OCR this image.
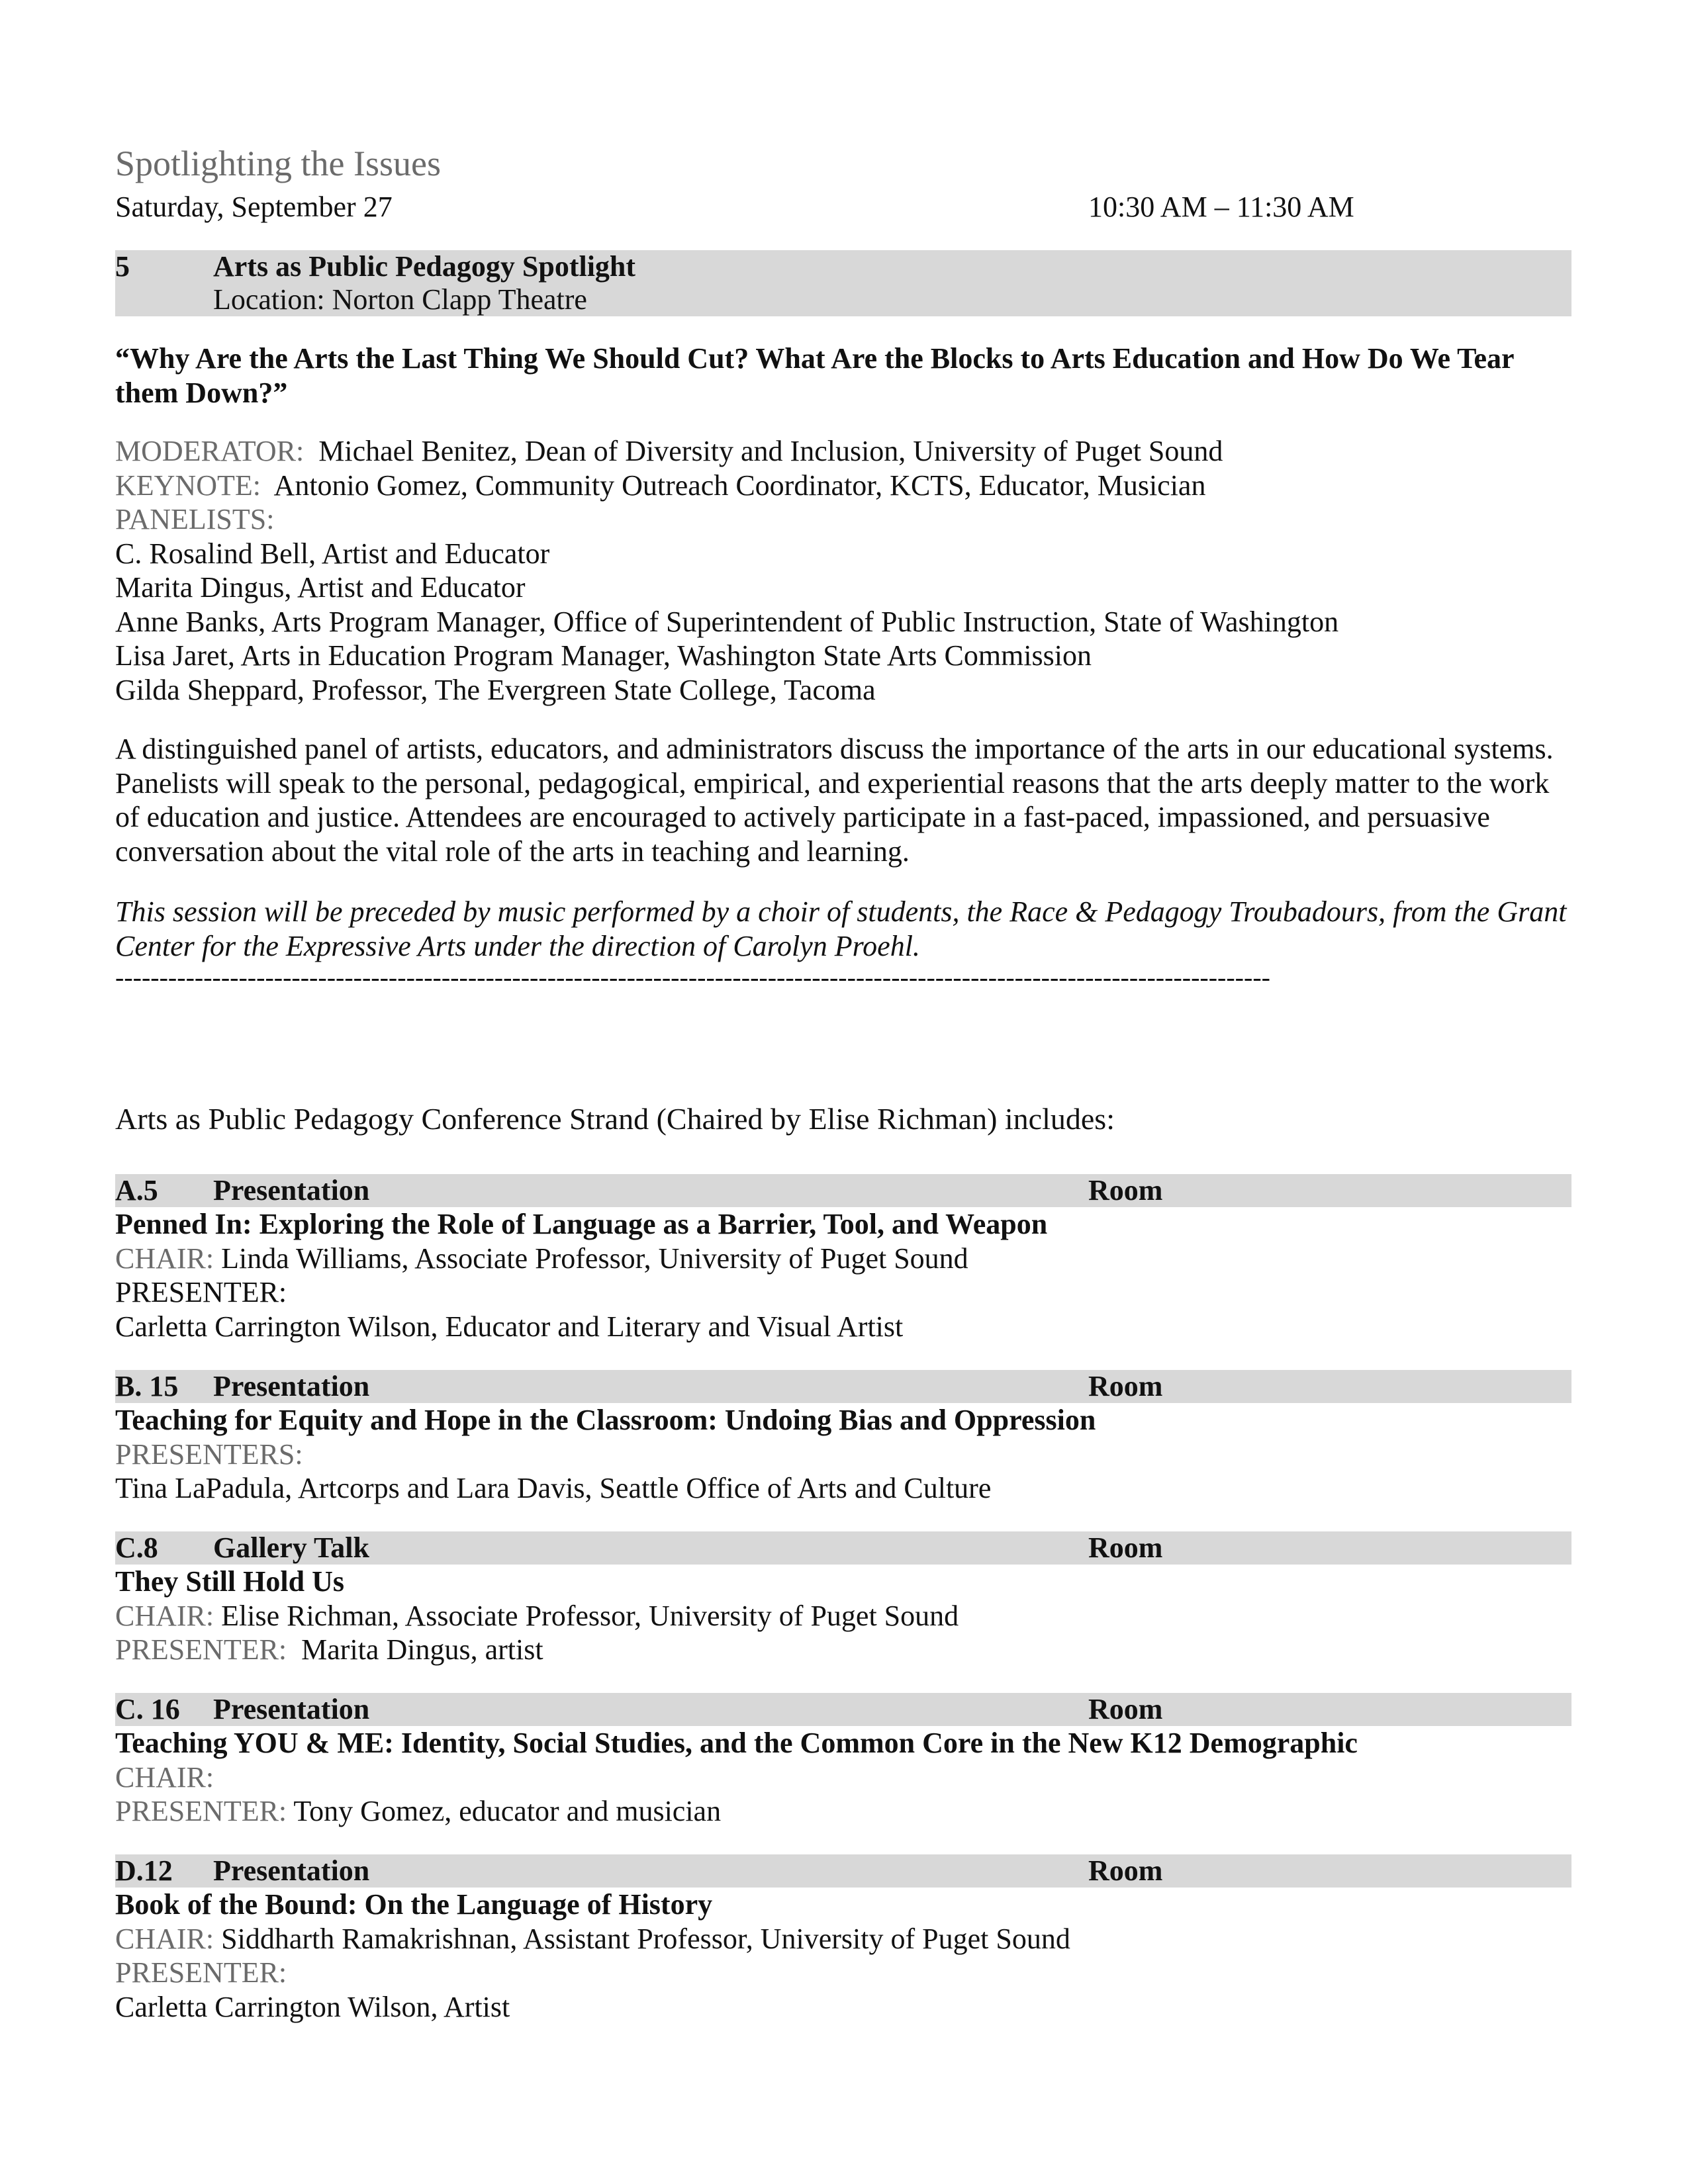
Spotlighting the Issues
Saturday, September 27	10:30 AM – 11:30 AM
5	Arts as Public Pedagogy Spotlight
Location: Norton Clapp Theatre
“Why Are the Arts the Last Thing We Should Cut? What Are the Blocks to Arts Education and How Do We Tear them Down?”
MODERATOR: Michael Benitez, Dean of Diversity and Inclusion, University of Puget Sound
KEYNOTE: Antonio Gomez, Community Outreach Coordinator, KCTS, Educator, Musician
PANELISTS:
C. Rosalind Bell, Artist and Educator
Marita Dingus, Artist and Educator
Anne Banks, Arts Program Manager, Office of Superintendent of Public Instruction, State of Washington
Lisa Jaret, Arts in Education Program Manager, Washington State Arts Commission
Gilda Sheppard, Professor, The Evergreen State College, Tacoma
A distinguished panel of artists, educators, and administrators discuss the importance of the arts in our educational systems. Panelists will speak to the personal, pedagogical, empirical, and experiential reasons that the arts deeply matter to the work of education and justice. Attendees are encouraged to actively participate in a fast-paced, impassioned, and persuasive conversation about the vital role of the arts in teaching and learning.
This session will be preceded by music performed by a choir of students, the Race & Pedagogy Troubadours, from the Grant Center for the Expressive Arts under the direction of Carolyn Proehl.
-----------------------------------------------------------------------------------------------------------------------------------
Arts as Public Pedagogy Conference Strand (Chaired by Elise Richman) includes:
A.5 Presentation	Room
Penned In: Exploring the Role of Language as a Barrier, Tool, and Weapon
CHAIR: Linda Williams, Associate Professor, University of Puget Sound
PRESENTER:
Carletta Carrington Wilson, Educator and Literary and Visual Artist
B. 15 Presentation	Room
Teaching for Equity and Hope in the Classroom: Undoing Bias and Oppression
PRESENTERS:
Tina LaPadula, Artcorps and Lara Davis, Seattle Office of Arts and Culture
C.8 Gallery Talk	Room
They Still Hold Us
CHAIR: Elise Richman, Associate Professor, University of Puget Sound
PRESENTER: Marita Dingus, artist
C. 16 Presentation	Room
Teaching YOU & ME: Identity, Social Studies, and the Common Core in the New K12 Demographic
CHAIR:
PRESENTER: Tony Gomez, educator and musician
D.12 Presentation	Room
Book of the Bound: On the Language of History
CHAIR: Siddharth Ramakrishnan, Assistant Professor, University of Puget Sound
PRESENTER:
Carletta Carrington Wilson, Artist
